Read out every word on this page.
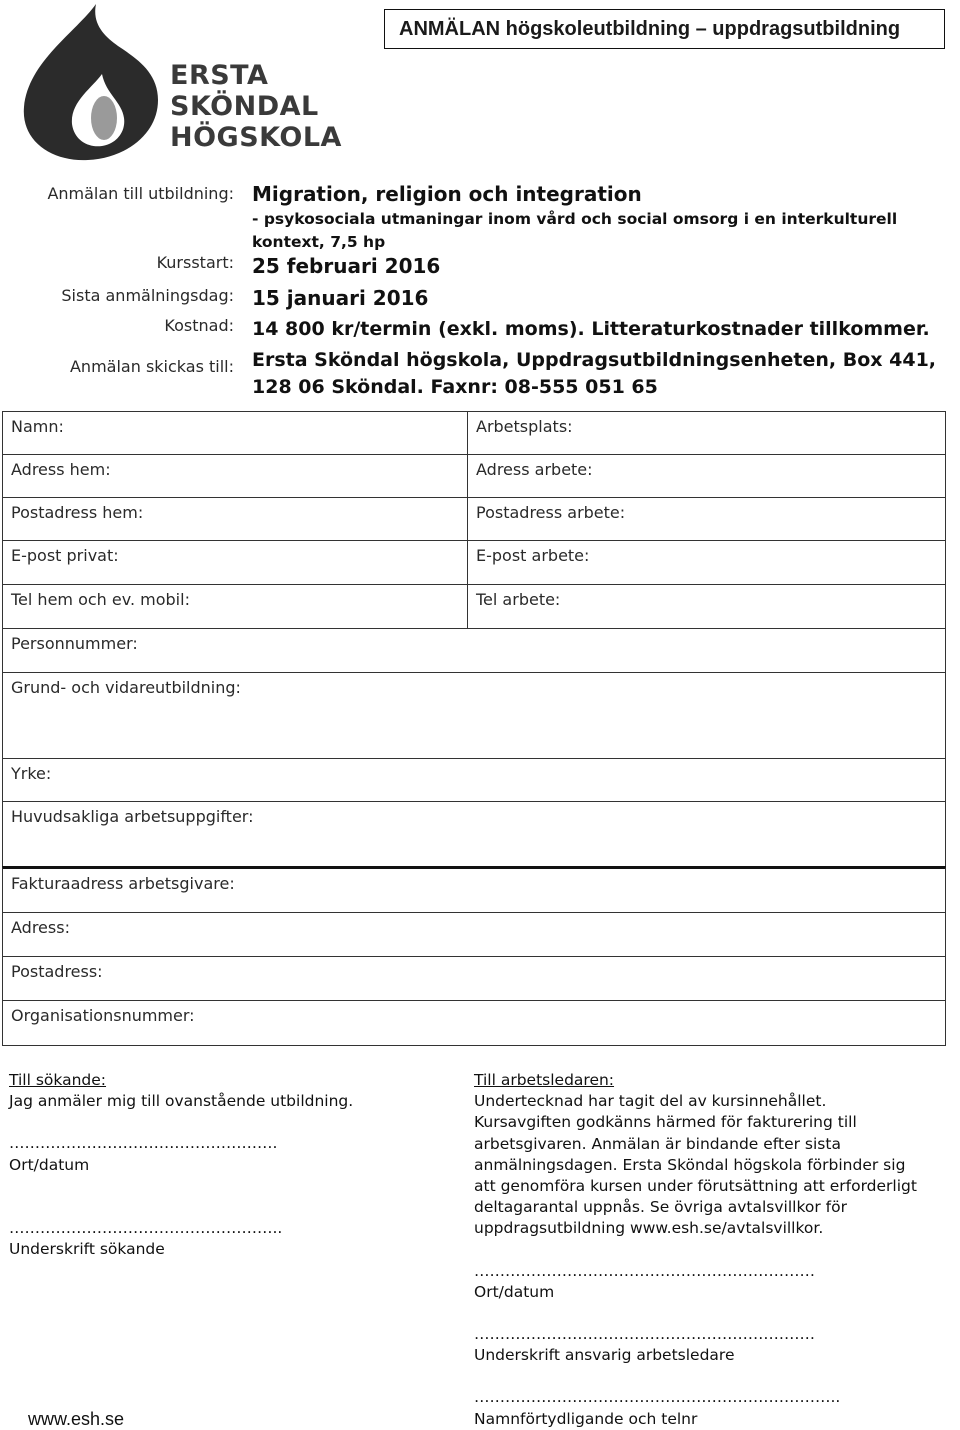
ERSTA
SKÖNDAL
HÖGSKOLA
ANMÄLAN högskoleutbildning – uppdragsutbildning
Anmälan till utbildning: Migration, religion och integration
- psykosociala utmaningar inom vård och social omsorg i en interkulturell kontext, 7,5 hp
Kursstart: 25 februari 2016
Sista anmälningsdag: 15 januari 2016
Kostnad: 14 800 kr/termin (exkl. moms). Litteraturkostnader tillkommer.
Anmälan skickas till: Ersta Sköndal högskola, Uppdragsutbildningsenheten, Box 441, 128 06 Sköndal. Faxnr: 08-555 051 65
Namn:	Arbetsplats:
Adress hem:	Adress arbete:
Postadress hem:	Postadress arbete:
E-post privat:	E-post arbete:
Tel hem och ev. mobil:	Tel arbete:
Personnummer:
Grund- och vidareutbildning:
Yrke:
Huvudsakliga arbetsuppgifter:
Fakturaadress arbetsgivare:
Adress:
Postadress:
Organisationsnummer:
Till sökande:
Jag anmäler mig till ovanstående utbildning.
…………………………………………….
Ort/datum
……………………………………………..
Underskrift sökande
Till arbetsledaren:
Undertecknad har tagit del av kursinnehållet. Kursavgiften godkänns härmed för fakturering till arbetsgivaren. Anmälan är bindande efter sista anmälningsdagen. Ersta Sköndal högskola förbinder sig att genomföra kursen under förutsättning att erforderligt deltagarantal uppnås. Se övriga avtalsvillkor för uppdragsutbildning www.esh.se/avtalsvillkor.
…………………………………………………………
Ort/datum
…………………………………………………………
Underskrift ansvarig arbetsledare
……………………………………………………………..
Namnförtydligande och telnr
www.esh.se
